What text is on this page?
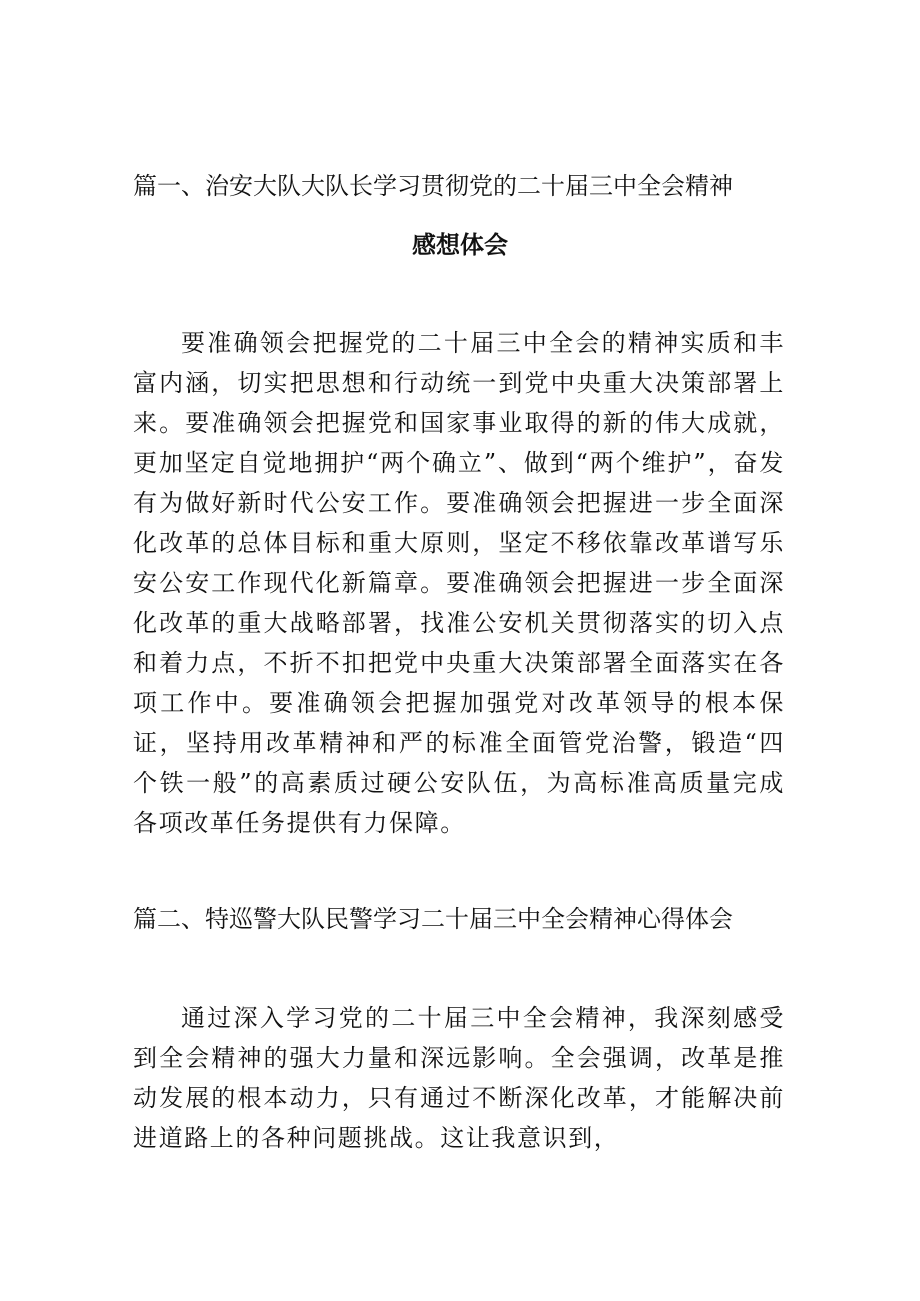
篇一、治安大队大队长学习贯彻党的二十届三中全会精神
感想体会

要准确领会把握党的二十届三中全会的精神实质和丰富内涵，切实把思想和行动统一到党中央重大决策部署上来。要准确领会把握党和国家事业取得的新的伟大成就，更加坚定自觉地拥护“两个确立”、做到“两个维护”，奋发有为做好新时代公安工作。要准确领会把握进一步全面深化改革的总体目标和重大原则，坚定不移依靠改革谱写乐安公安工作现代化新篇章。要准确领会把握进一步全面深化改革的重大战略部署，找准公安机关贯彻落实的切入点和着力点，不折不扣把党中央重大决策部署全面落实在各项工作中。要准确领会把握加强党对改革领导的根本保证，坚持用改革精神和严的标准全面管党治警，锻造“四个铁一般”的高素质过硬公安队伍，为高标准高质量完成各项改革任务提供有力保障。

篇二、特巡警大队民警学习二十届三中全会精神心得体会

通过深入学习党的二十届三中全会精神，我深刻感受到全会精神的强大力量和深远影响。全会强调，改革是推动发展的根本动力，只有通过不断深化改革，才能解决前进道路上的各种问题挑战。这让我意识到，
